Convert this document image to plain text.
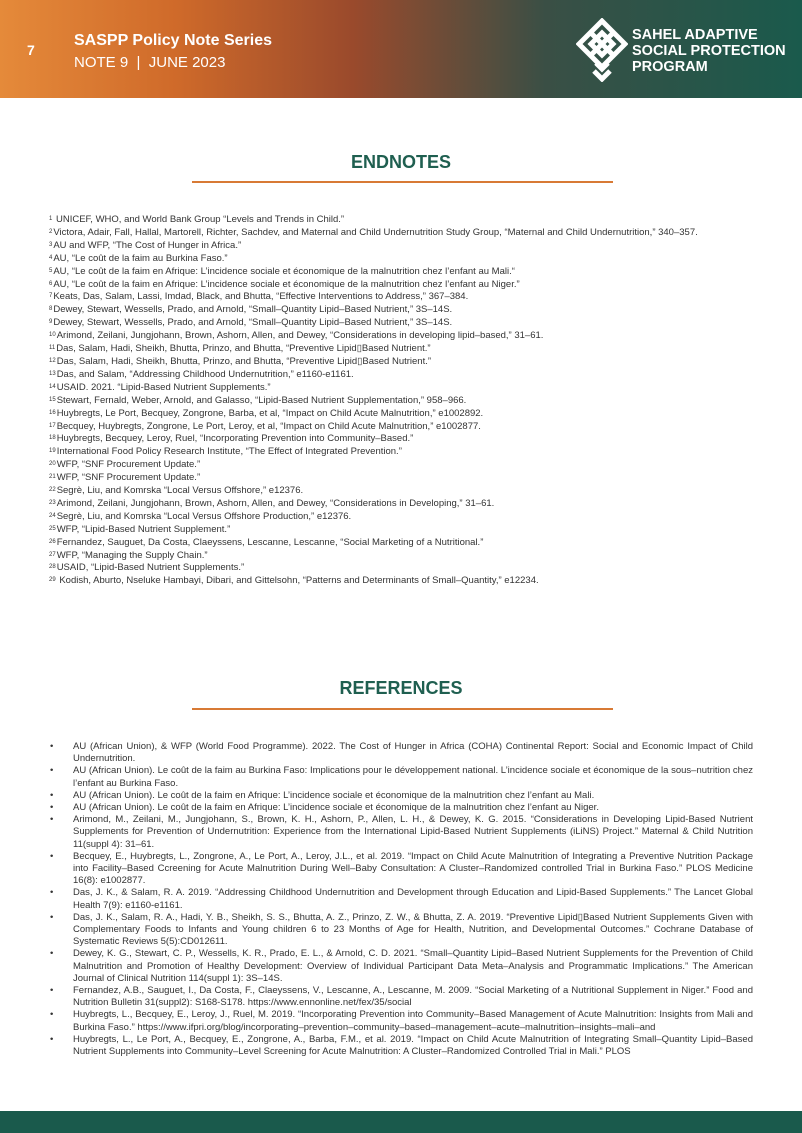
7
SASPP Policy Note Series
NOTE 9  |  JUNE 2023
SAHEL ADAPTIVE
SOCIAL PROTECTION
PROGRAM
ENDNOTES
$^1$ UNICEF, WHO, and World Bank Group “Levels and Trends in Child.”
$^2$Victora, Adair, Fall, Hallal, Martorell, Richter, Sachdev, and Maternal and Child Undernutrition Study Group, “Maternal and Child Undernutrition,” 340–357.
$^3$AU and WFP, “The Cost of Hunger in Africa.”
$^4$AU, “Le coût de la faim au Burkina Faso.”
$^5$AU, “Le coût de la faim en Afrique: L’incidence sociale et économique de la malnutrition chez l’enfant au Mali.“
$^6$AU, “Le coût de la faim en Afrique: L’incidence sociale et économique de la malnutrition chez l’enfant au Niger.”
$^7$Keats, Das, Salam, Lassi, Imdad, Black, and Bhutta, “Effective Interventions to Address,” 367–384.
$^8$Dewey, Stewart, Wessells, Prado, and Arnold, “Small–Quantity Lipid–Based Nutrient,” 3S–14S.
$^9$Dewey, Stewart, Wessells, Prado, and Arnold, “Small–Quantity Lipid–Based Nutrient,” 3S–14S.
$^{10}$Arimond, Zeilani, Jungjohann, Brown, Ashorn, Allen, and Dewey, “Considerations in developing lipid–based,” 31–61.
$^{11}$Das, Salam, Hadi, Sheikh, Bhutta, Prinzo, and Bhutta, “Preventive Lipid▯Based Nutrient.”
$^{12}$Das, Salam, Hadi, Sheikh, Bhutta, Prinzo, and Bhutta, “Preventive Lipid▯Based Nutrient.”
$^{13}$Das, and Salam, “Addressing Childhood Undernutrition,” e1160-e1161.
$^{14}$USAID. 2021. “Lipid-Based Nutrient Supplements.”
$^{15}$Stewart, Fernald, Weber, Arnold, and Galasso, “Lipid-Based Nutrient Supplementation,” 958–966.
$^{16}$Huybregts, Le Port, Becquey, Zongrone, Barba, et al, “Impact on Child Acute Malnutrition,” e1002892.
$^{17}$Becquey, Huybregts, Zongrone, Le Port, Leroy, et al, “Impact on Child Acute Malnutrition,” e1002877.
$^{18}$Huybregts, Becquey, Leroy, Ruel, “Incorporating Prevention into Community–Based.”
$^{19}$International Food Policy Research Institute, “The Effect of Integrated Prevention.”
$^{20}$WFP, “SNF Procurement Update.”
$^{21}$WFP, “SNF Procurement Update.”
$^{22}$Segrè, Liu, and Komrska “Local Versus Offshore,” e12376.
$^{23}$Arimond, Zeilani, Jungjohann, Brown, Ashorn, Allen, and Dewey, “Considerations in Developing,” 31–61.
$^{24}$Segrè, Liu, and Komrska “Local Versus Offshore Production,” e12376.
$^{25}$WFP, “Lipid-Based Nutrient Supplement.”
$^{26}$Fernandez, Sauguet, Da Costa, Claeyssens, Lescanne, Lescanne, “Social Marketing of a Nutritional.”
$^{27}$WFP, “Managing the Supply Chain.”
$^{28}$USAID, “Lipid-Based Nutrient Supplements.”
$^{29}$ Kodish, Aburto, Nseluke Hambayi, Dibari, and Gittelsohn, “Patterns and Determinants of Small–Quantity,” e12234.
REFERENCES
• AU (African Union), & WFP (World Food Programme). 2022. The Cost of Hunger in Africa (COHA) Continental Report: Social and Economic Impact of Child Undernutrition.
• AU (African Union). Le coût de la faim au Burkina Faso: Implications pour le développement national. L’incidence sociale et économique de la sous–nutrition chez l’enfant au Burkina Faso.
• AU (African Union). Le coût de la faim en Afrique: L’incidence sociale et économique de la malnutrition chez l’enfant au Mali.
• AU (African Union). Le coût de la faim en Afrique: L’incidence sociale et économique de la malnutrition chez l’enfant au Niger.
• Arimond, M., Zeilani, M., Jungjohann, S., Brown, K. H., Ashorn, P., Allen, L. H., & Dewey, K. G. 2015. “Considerations in Developing Lipid-Based Nutrient Supplements for Prevention of Undernutrition: Experience from the International Lipid-Based Nutrient Supplements (iLiNS) Project.” Maternal & Child Nutrition 11(suppl 4): 31–61.
• Becquey, E., Huybregts, L., Zongrone, A., Le Port, A., Leroy, J.L., et al. 2019. “Impact on Child Acute Malnutrition of Integrating a Preventive Nutrition Package into Facility–Based Ccreening for Acute Malnutrition During Well–Baby Consultation: A Cluster–Randomized controlled Trial in Burkina Faso.” PLOS Medicine 16(8): e1002877.
• Das, J. K., & Salam, R. A. 2019. “Addressing Childhood Undernutrition and Development through Education and Lipid-Based Supplements.” The Lancet Global Health 7(9): e1160-e1161.
• Das, J. K., Salam, R. A., Hadi, Y. B., Sheikh, S. S., Bhutta, A. Z., Prinzo, Z. W., & Bhutta, Z. A. 2019. “Preventive Lipid▯Based Nutrient Supplements Given with Complementary Foods to Infants and Young children 6 to 23 Months of Age for Health, Nutrition, and Developmental Outcomes.” Cochrane Database of Systematic Reviews 5(5):CD012611.
• Dewey, K. G., Stewart, C. P., Wessells, K. R., Prado, E. L., & Arnold, C. D. 2021. “Small–Quantity Lipid–Based Nutrient Supplements for the Prevention of Child Malnutrition and Promotion of Healthy Development: Overview of Individual Participant Data Meta–Analysis and Programmatic Implications.” The American Journal of Clinical Nutrition 114(suppl 1): 3S–14S.
• Fernandez, A.B., Sauguet, I., Da Costa, F., Claeyssens, V., Lescanne, A., Lescanne, M. 2009. “Social Marketing of a Nutritional Supplement in Niger.” Food and Nutrition Bulletin 31(suppl2): S168-S178. https://www.ennonline.net/fex/35/social
• Huybregts, L., Becquey, E., Leroy, J., Ruel, M. 2019. “Incorporating Prevention into Community–Based Management of Acute Malnutrition: Insights from Mali and Burkina Faso.” https://www.ifpri.org/blog/incorporating–prevention–community–based–management–acute–malnutrition–insights–mali–and
• Huybregts, L., Le Port, A., Becquey, E., Zongrone, A., Barba, F.M., et al. 2019. “Impact on Child Acute Malnutrition of Integrating Small–Quantity Lipid–Based Nutrient Supplements into Community–Level Screening for Acute Malnutrition: A Cluster–Randomized Controlled Trial in Mali.” PLOS
